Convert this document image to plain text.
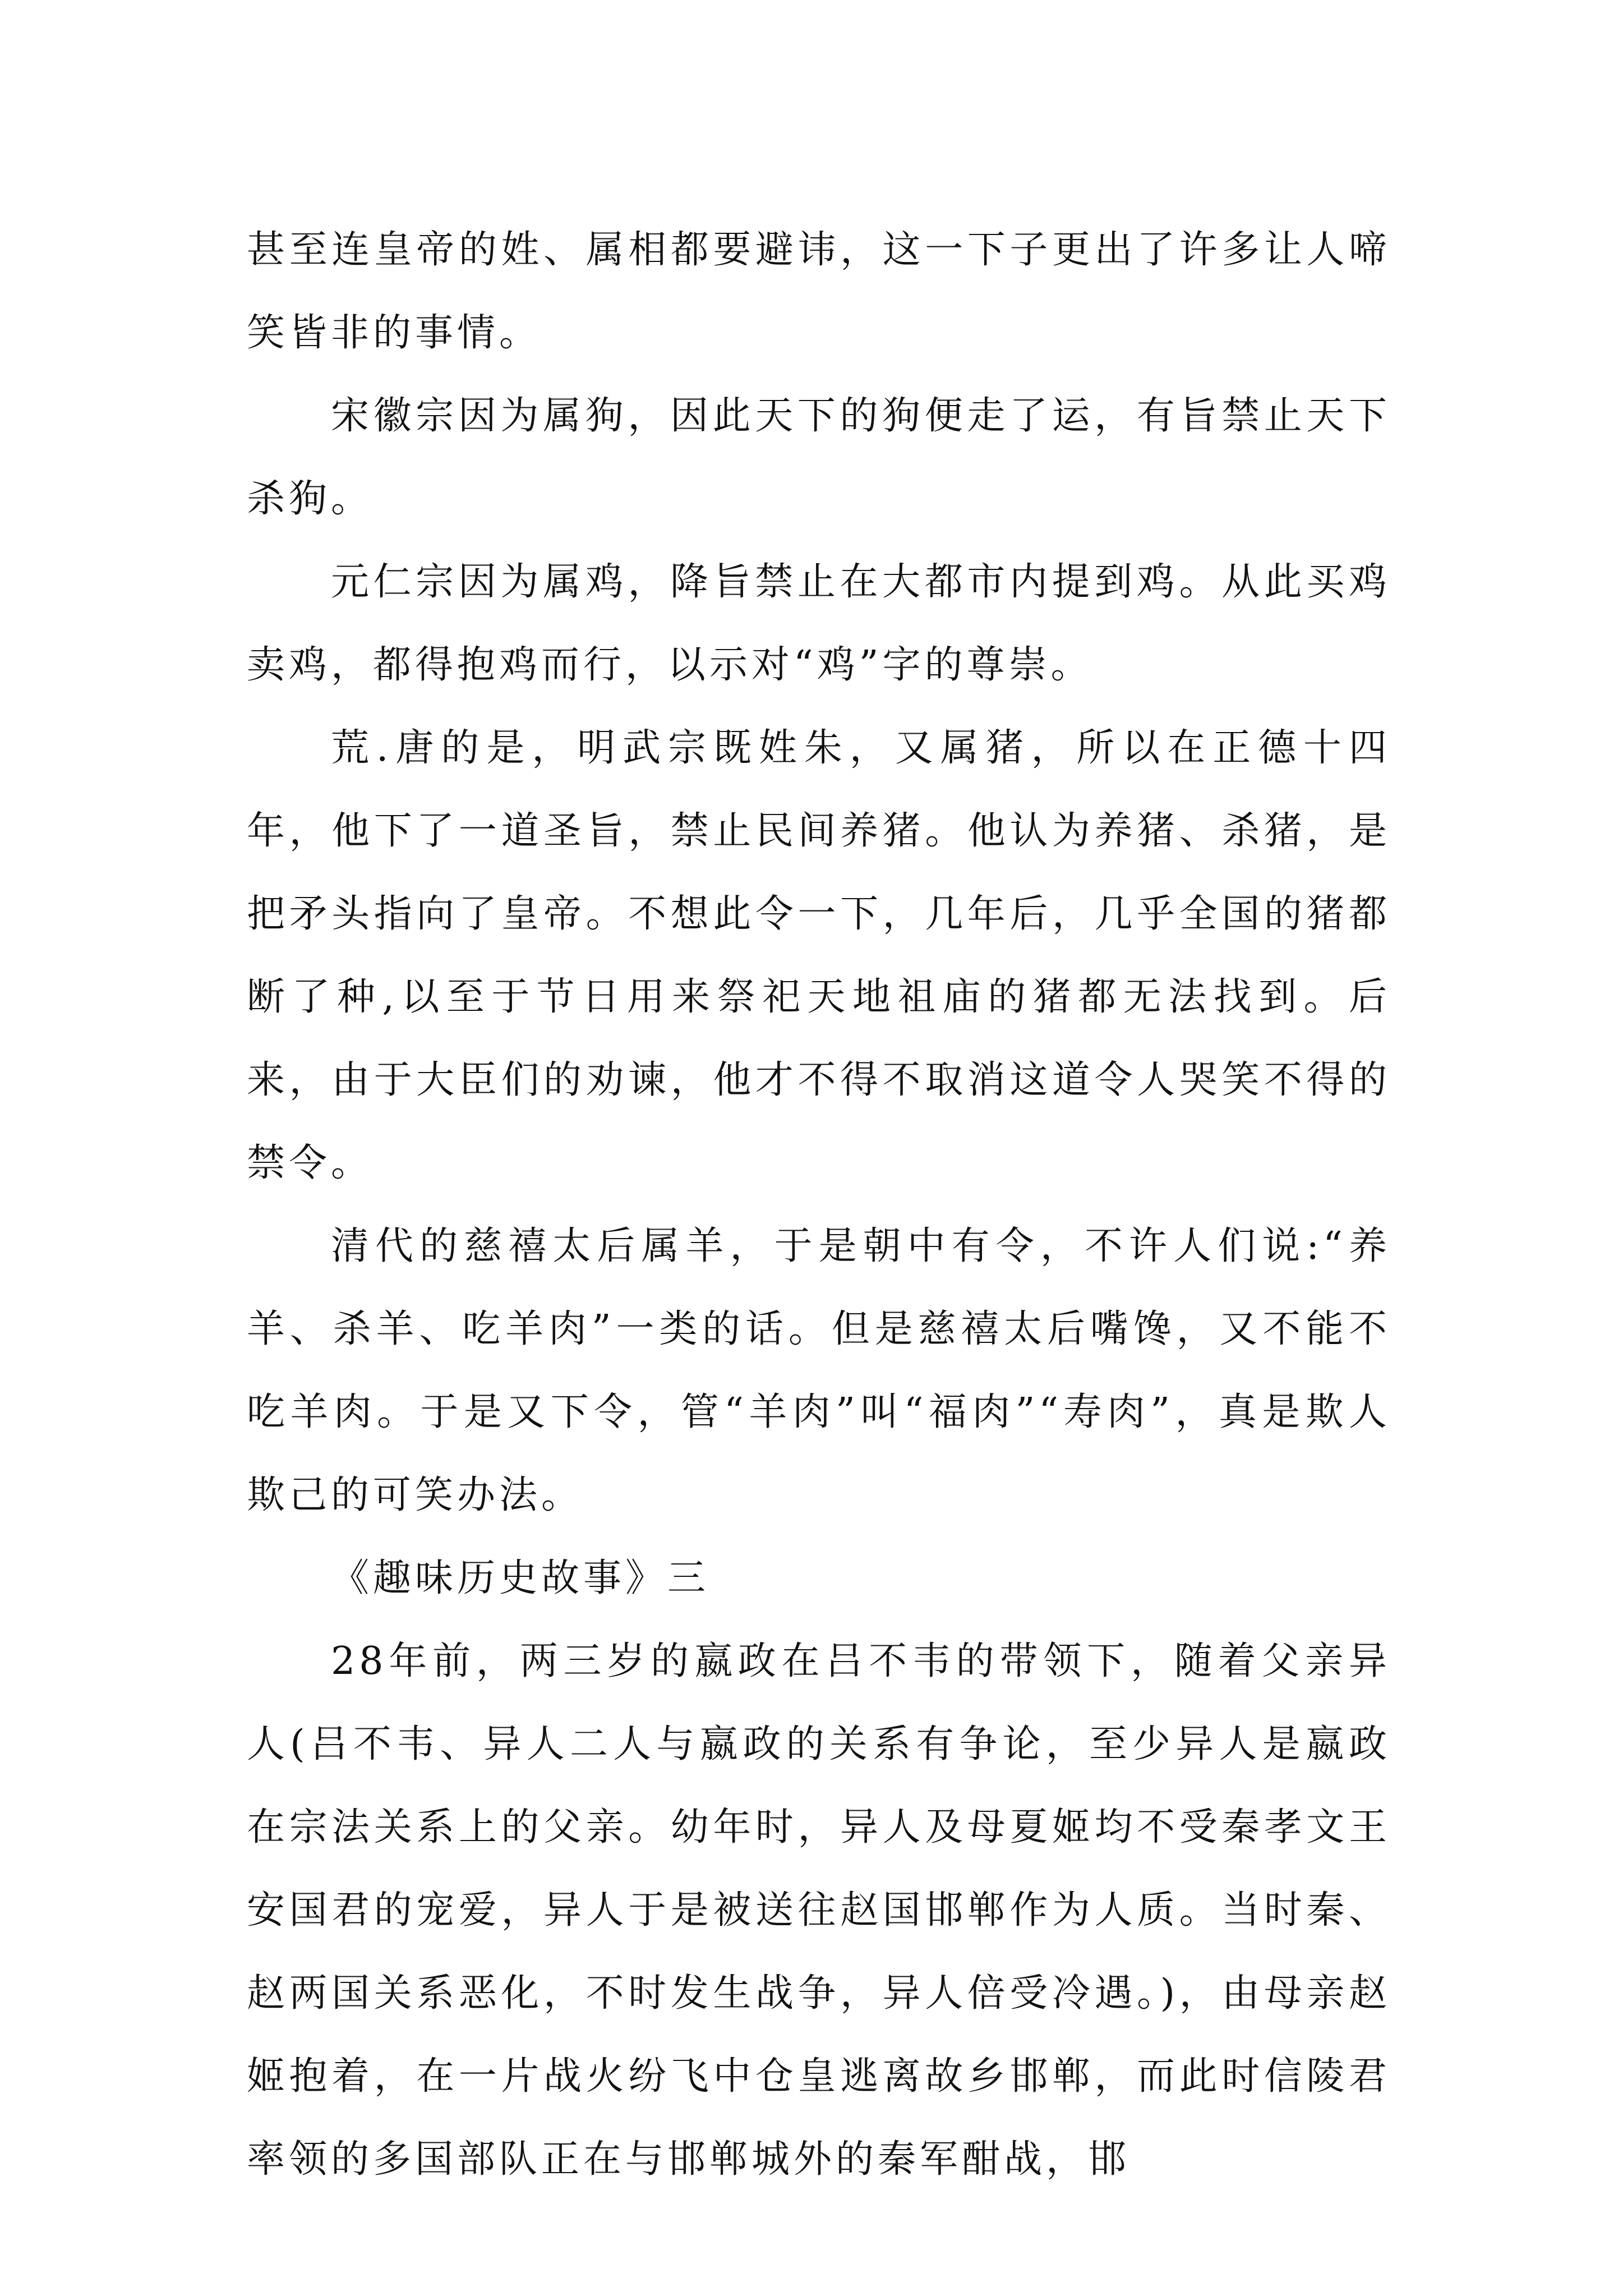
甚至连皇帝的姓、属相都要避讳，这一下子更出了许多让人啼笑皆非的事情。

宋徽宗因为属狗，因此天下的狗便走了运，有旨禁止天下杀狗。

元仁宗因为属鸡，降旨禁止在大都市内提到鸡。从此买鸡卖鸡，都得抱鸡而行，以示对“鸡”字的尊崇。

荒.唐的是，明武宗既姓朱，又属猪，所以在正德十四年，他下了一道圣旨，禁止民间养猪。他认为养猪、杀猪，是把矛头指向了皇帝。不想此令一下，几年后，几乎全国的猪都断了种,以至于节日用来祭祀天地祖庙的猪都无法找到。后来，由于大臣们的劝谏，他才不得不取消这道令人哭笑不得的禁令。

清代的慈禧太后属羊，于是朝中有令，不许人们说:“养羊、杀羊、吃羊肉”一类的话。但是慈禧太后嘴馋，又不能不吃羊肉。于是又下令，管“羊肉”叫“福肉”“寿肉”，真是欺人欺己的可笑办法。

《趣味历史故事》三

28年前，两三岁的嬴政在吕不韦的带领下，随着父亲异人(吕不韦、异人二人与嬴政的关系有争论，至少异人是嬴政在宗法关系上的父亲。幼年时，异人及母夏姬均不受秦孝文王安国君的宠爱，异人于是被送往赵国邯郸作为人质。当时秦、赵两国关系恶化，不时发生战争，异人倍受冷遇。)，由母亲赵姬抱着，在一片战火纷飞中仓皇逃离故乡邯郸，而此时信陵君率领的多国部队正在与邯郸城外的秦军酣战，邯
